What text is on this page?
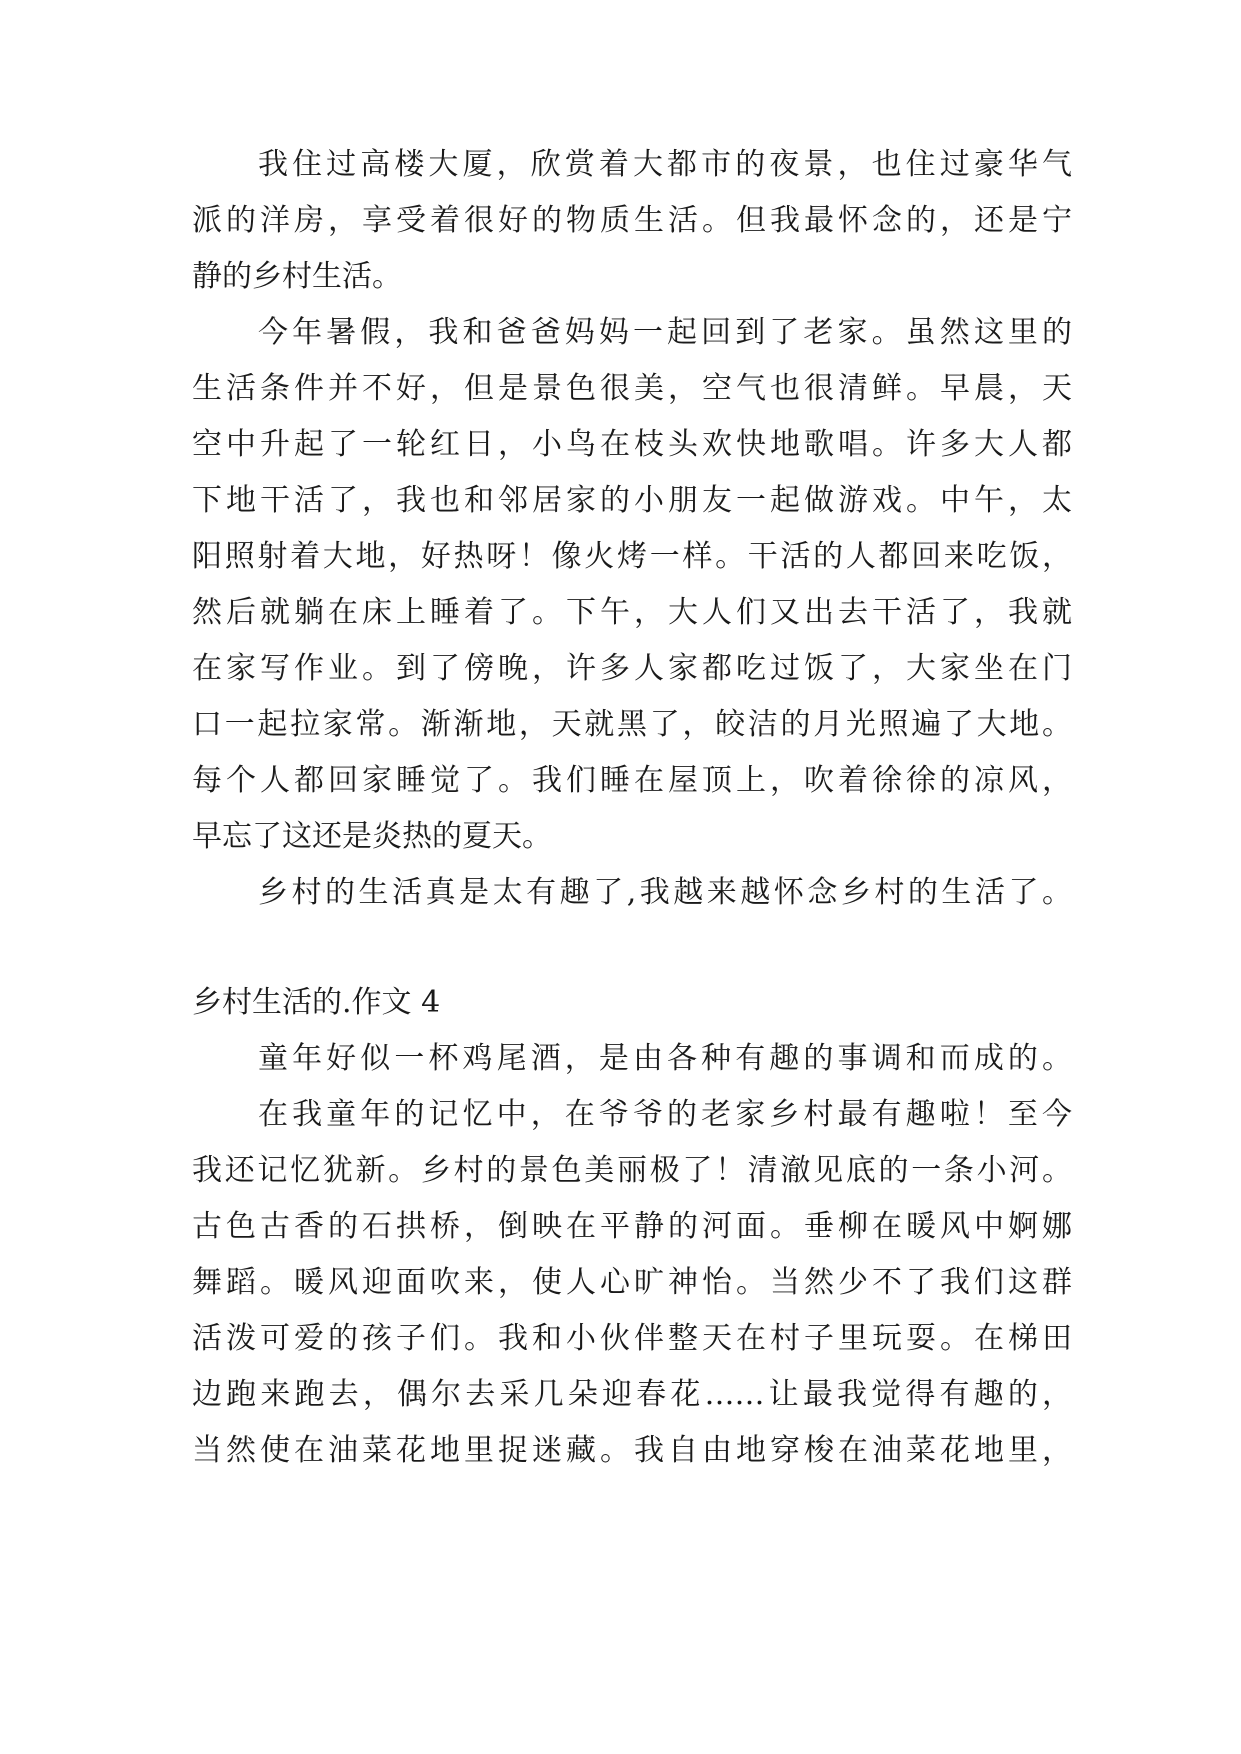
我住过高楼大厦，欣赏着大都市的夜景，也住过豪华气

派的洋房，享受着很好的物质生活。但我最怀念的，还是宁

静的乡村生活。

今年暑假，我和爸爸妈妈一起回到了老家。虽然这里的

生活条件并不好，但是景色很美，空气也很清鲜。早晨，天

空中升起了一轮红日，小鸟在枝头欢快地歌唱。许多大人都

下地干活了，我也和邻居家的小朋友一起做游戏。中午，太

阳照射着大地，好热呀！像火烤一样。干活的人都回来吃饭，

然后就躺在床上睡着了。下午，大人们又出去干活了，我就

在家写作业。到了傍晚，许多人家都吃过饭了，大家坐在门

口一起拉家常。渐渐地，天就黑了，皎洁的月光照遍了大地。

每个人都回家睡觉了。我们睡在屋顶上，吹着徐徐的凉风，

早忘了这还是炎热的夏天。

乡村的生活真是太有趣了,我越来越怀念乡村的生活了。

乡村生活的.作文 4

童年好似一杯鸡尾酒，是由各种有趣的事调和而成的。

在我童年的记忆中，在爷爷的老家乡村最有趣啦！至今

我还记忆犹新。乡村的景色美丽极了！清澈见底的一条小河。

古色古香的石拱桥，倒映在平静的河面。垂柳在暖风中婀娜

舞蹈。暖风迎面吹来，使人心旷神怡。当然少不了我们这群

活泼可爱的孩子们。我和小伙伴整天在村子里玩耍。在梯田

边跑来跑去，偶尔去采几朵迎春花……让最我觉得有趣的，

当然使在油菜花地里捉迷藏。我自由地穿梭在油菜花地里，
